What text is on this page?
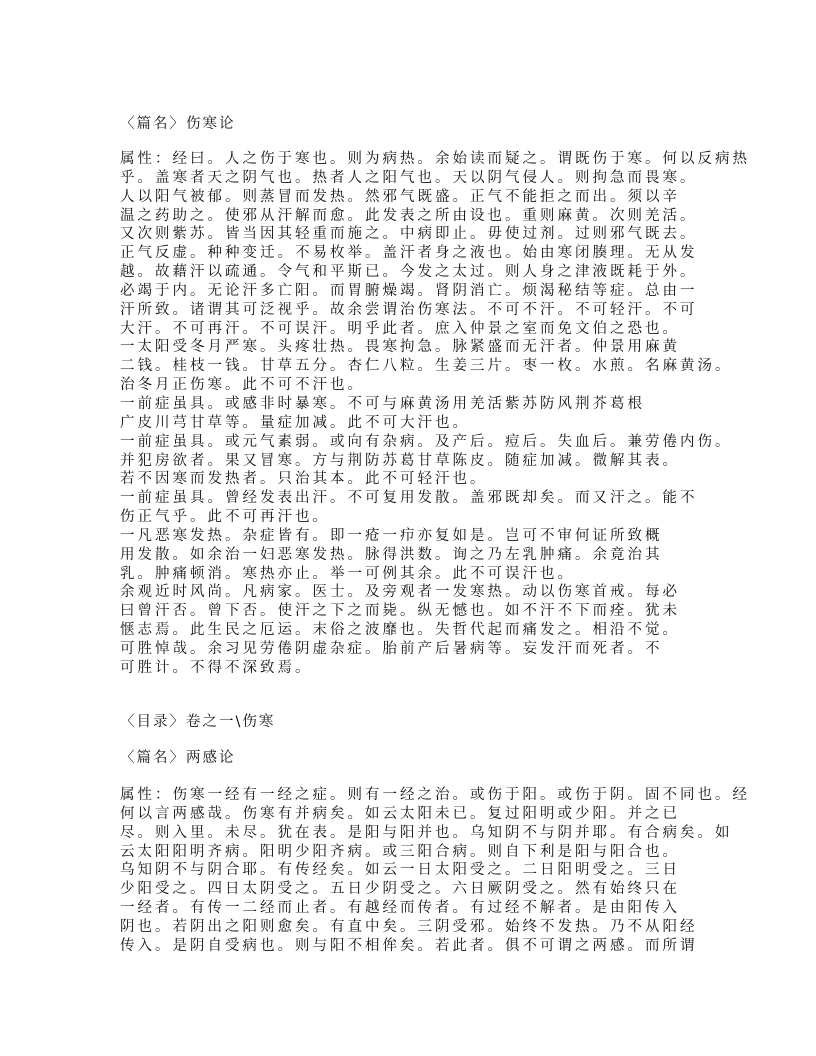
〈篇名〉伤寒论
属性：经曰。人之伤于寒也。则为病热。余始读而疑之。谓既伤于寒。何以反病热
乎。盖寒者天之阴气也。热者人之阳气也。天以阴气侵人。则拘急而畏寒。
人以阳气被郁。则蒸冒而发热。然邪气既盛。正气不能拒之而出。须以辛
温之药助之。使邪从汗解而愈。此发表之所由设也。重则麻黄。次则羌活。
又次则紫苏。皆当因其轻重而施之。中病即止。毋使过剂。过则邪气既去。
正气反虚。种种变迁。不易枚举。盖汗者身之液也。始由寒闭腠理。无从发
越。故藉汗以疏通。令气和平斯已。今发之太过。则人身之津液既耗于外。
必竭于内。无论汗多亡阳。而胃腑燥竭。肾阴消亡。烦渴秘结等症。总由一
汗所致。诸谓其可泛视乎。故余尝谓治伤寒法。不可不汗。不可轻汗。不可
大汗。不可再汗。不可误汗。明乎此者。庶入仲景之室而免文伯之恐也。
一太阳受冬月严寒。头疼壮热。畏寒拘急。脉紧盛而无汗者。仲景用麻黄
二钱。桂枝一钱。甘草五分。杏仁八粒。生姜三片。枣一枚。水煎。名麻黄汤。
治冬月正伤寒。此不可不汗也。
一前症虽具。或感非时暴寒。不可与麻黄汤用羌活紫苏防风荆芥葛根
广皮川芎甘草等。量症加减。此不可大汗也。
一前症虽具。或元气素弱。或向有杂病。及产后。痘后。失血后。兼劳倦内伤。
并犯房欲者。果又冒寒。方与荆防苏葛甘草陈皮。随症加减。微解其表。
若不因寒而发热者。只治其本。此不可轻汗也。
一前症虽具。曾经发表出汗。不可复用发散。盖邪既却矣。而又汗之。能不
伤正气乎。此不可再汗也。
一凡恶寒发热。杂症皆有。即一疮一疖亦复如是。岂可不审何证所致概
用发散。如余治一妇恶寒发热。脉得洪数。询之乃左乳肿痛。余竟治其
乳。肿痛顿消。寒热亦止。举一可例其余。此不可误汗也。
余观近时风尚。凡病家。医士。及旁观者一发寒热。动以伤寒首戒。每必
曰曾汗否。曾下否。使汗之下之而毙。纵无憾也。如不汗不下而痊。犹未
惬志焉。此生民之厄运。末俗之波靡也。失哲代起而痛发之。相沿不觉。
可胜悼哉。余习见劳倦阴虚杂症。胎前产后暑病等。妄发汗而死者。不
可胜计。不得不深致焉。
〈目录〉卷之一\伤寒
〈篇名〉两感论
属性：伤寒一经有一经之症。则有一经之治。或伤于阳。或伤于阴。固不同也。经
何以言两感哉。伤寒有并病矣。如云太阳未已。复过阳明或少阳。并之已
尽。则入里。未尽。犹在表。是阳与阳并也。乌知阴不与阴并耶。有合病矣。如
云太阳阳明齐病。阳明少阳齐病。或三阳合病。则自下利是阳与阳合也。
乌知阴不与阴合耶。有传经矣。如云一日太阳受之。二日阳明受之。三日
少阳受之。四日太阴受之。五日少阴受之。六日厥阴受之。然有始终只在
一经者。有传一二经而止者。有越经而传者。有过经不解者。是由阳传入
阴也。若阴出之阳则愈矣。有直中矣。三阴受邪。始终不发热。乃不从阳经
传入。是阴自受病也。则与阳不相侔矣。若此者。俱不可谓之两感。而所谓
